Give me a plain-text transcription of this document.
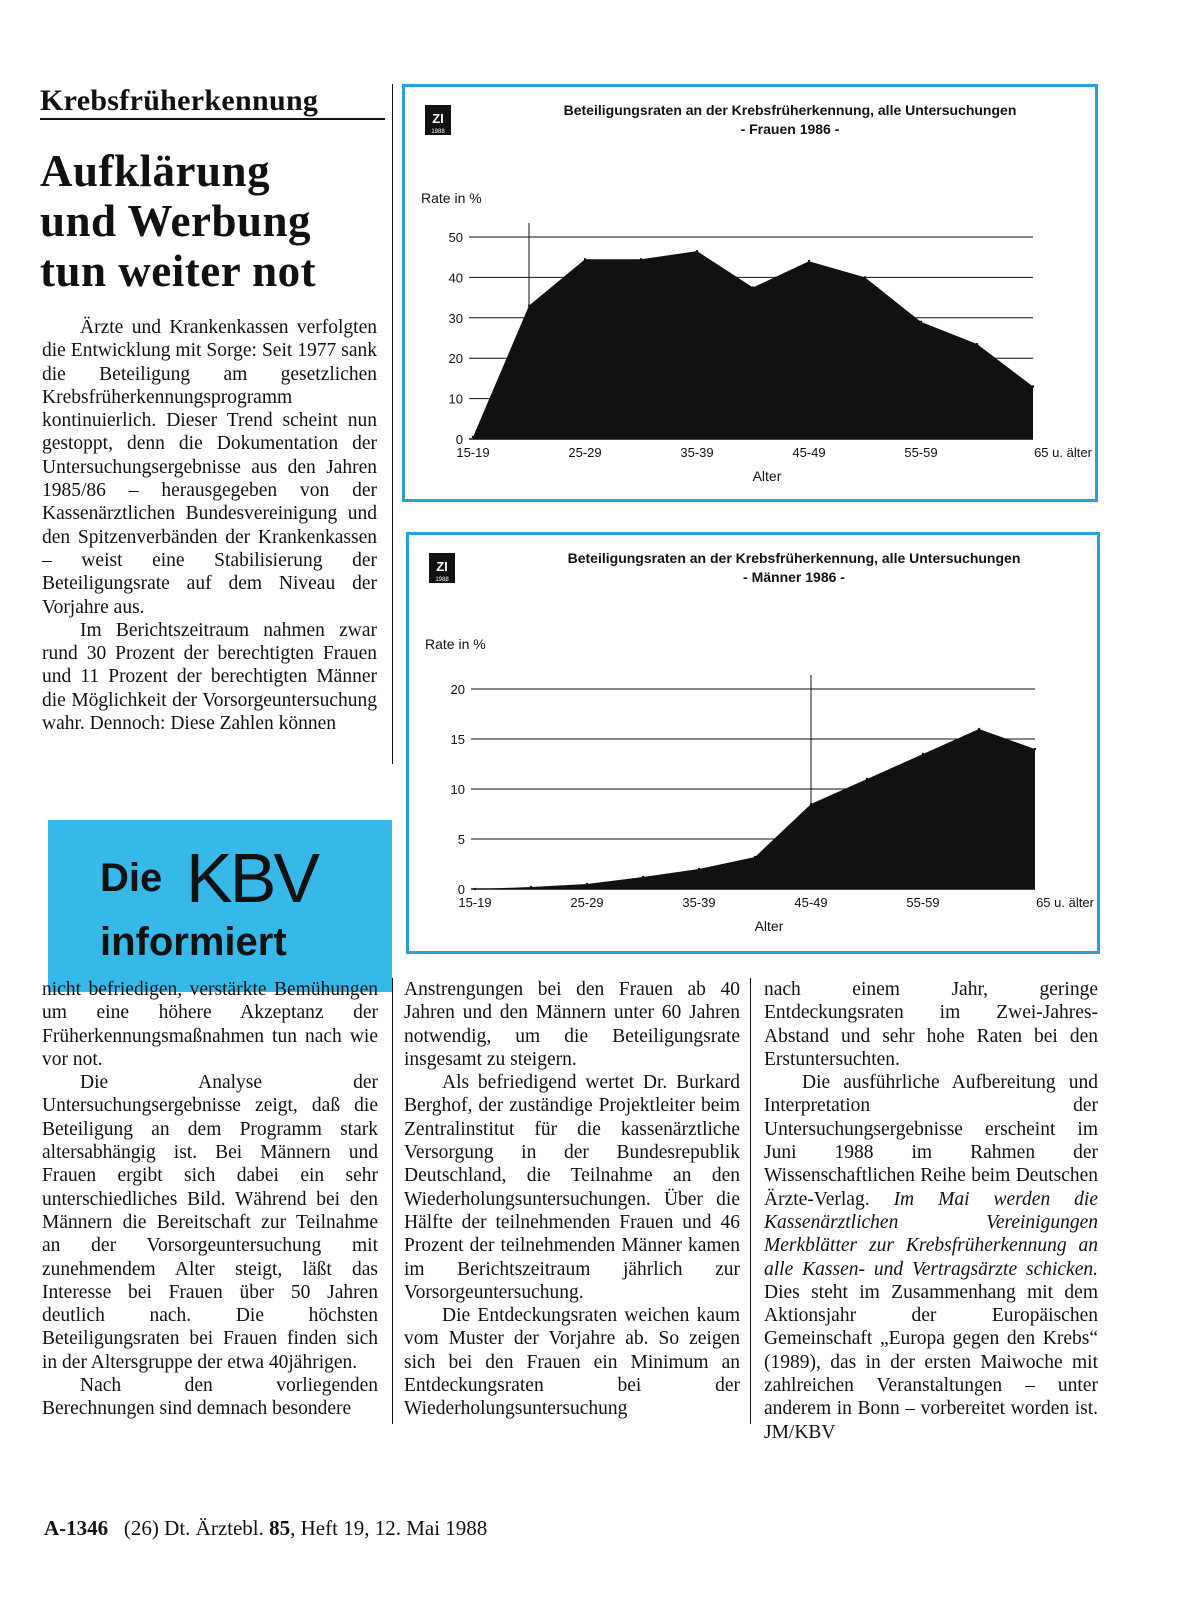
Krebsfrüherkennung
Aufklärung
und Werbung
tun weiter not

Ärzte und Krankenkassen verfolgten die Entwicklung mit Sorge: Seit 1977 sank die Beteiligung am gesetzlichen Krebsfrüherkennungsprogramm kontinuierlich. Dieser Trend scheint nun gestoppt, denn die Dokumentation der Untersuchungsergebnisse aus den Jahren 1985/86 – herausgegeben von der Kassenärztlichen Bundesvereinigung und den Spitzenverbänden der Krankenkassen – weist eine Stabilisierung der Beteiligungsrate auf dem Niveau der Vorjahre aus.

Im Berichtszeitraum nahmen zwar rund 30 Prozent der berechtigten Frauen und 11 Prozent der berechtigten Männer die Möglichkeit der Vorsorgeuntersuchung wahr. Dennoch: Diese Zahlen können

Die KBV
informiert
ZI
1988
Beteiligungsraten an der Krebsfrüherkennung, alle Untersuchungen
- Frauen 1986 -
Rate in %
0
10
20
30
40
50
15-19	25-29	35-39	45-49	55-59	65 u. älter
Alter
ZI
1988
Beteiligungsraten an der Krebsfrüherkennung, alle Untersuchungen
- Männer 1986 -
Rate in %
0
5
10
15
20
15-19	25-29	35-39	45-49	55-59	65 u. älter
Alter

nicht befriedigen, verstärkte Bemühungen um eine höhere Akzeptanz der Früherkennungsmaßnahmen tun nach wie vor not.

Die Analyse der Untersuchungsergebnisse zeigt, daß die Beteiligung an dem Programm stark altersabhängig ist. Bei Männern und Frauen ergibt sich dabei ein sehr unterschiedliches Bild. Während bei den Männern die Bereitschaft zur Teilnahme an der Vorsorgeuntersuchung mit zunehmendem Alter steigt, läßt das Interesse bei Frauen über 50 Jahren deutlich nach. Die höchsten Beteiligungsraten bei Frauen finden sich in der Altersgruppe der etwa 40jährigen.

Nach den vorliegenden Berechnungen sind demnach besondere

Anstrengungen bei den Frauen ab 40 Jahren und den Männern unter 60 Jahren notwendig, um die Beteiligungsrate insgesamt zu steigern.

Als befriedigend wertet Dr. Burkard Berghof, der zuständige Projektleiter beim Zentralinstitut für die kassenärztliche Versorgung in der Bundesrepublik Deutschland, die Teilnahme an den Wiederholungsuntersuchungen. Über die Hälfte der teilnehmenden Frauen und 46 Prozent der teilnehmenden Männer kamen im Berichtszeitraum jährlich zur Vorsorgeuntersuchung.

Die Entdeckungsraten weichen kaum vom Muster der Vorjahre ab. So zeigen sich bei den Frauen ein Minimum an Entdeckungsraten bei der Wiederholungsuntersuchung

nach einem Jahr, geringe Entdeckungsraten im Zwei-Jahres-Abstand und sehr hohe Raten bei den Erstuntersuchten.

Die ausführliche Aufbereitung und Interpretation der Untersuchungsergebnisse erscheint im Juni 1988 im Rahmen der Wissenschaftlichen Reihe beim Deutschen Ärzte-Verlag. Im Mai werden die Kassenärztlichen Vereinigungen Merkblätter zur Krebsfrüherkennung an alle Kassen- und Vertragsärzte schicken. Dies steht im Zusammenhang mit dem Aktionsjahr der Europäischen Gemeinschaft „Europa gegen den Krebs“ (1989), das in der ersten Maiwoche mit zahlreichen Veranstaltungen – unter anderem in Bonn – vorbereitet worden ist. JM/KBV

A-1346 (26) Dt. Ärztebl. 85, Heft 19, 12. Mai 1988
